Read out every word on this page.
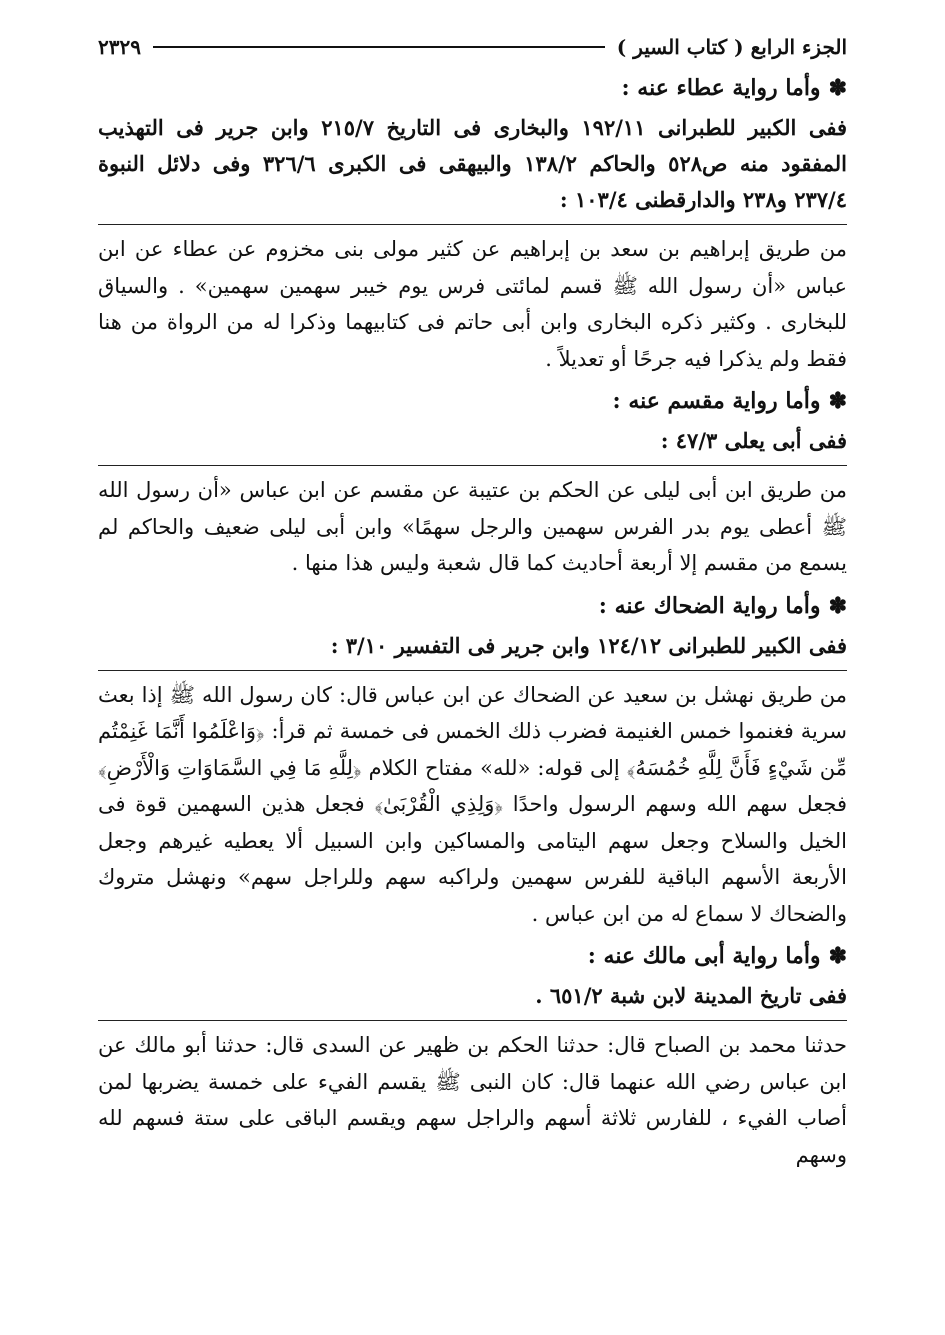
الجزء الرابع ( كتاب السير )
٢٣٢٩
✽وأما رواية عطاء عنه :

ففى الكبير للطبرانى ١٩٢/١١ والبخارى فى التاريخ ٢١٥/٧ وابن جرير فى التهذيب المفقود منه ص٥٢٨ والحاكم ١٣٨/٢ والبيهقى فى الكبرى ٣٢٦/٦ وفى دلائل النبوة ٢٣٧/٤ و٢٣٨ والدارقطنى ١٠٣/٤ :

من طريق إبراهيم بن سعد بن إبراهيم عن كثير مولى بنى مخزوم عن عطاء عن ابن عباس «أن رسول الله ﷺ قسم لمائتى فرس يوم خيبر سهمين سهمين» . والسياق للبخارى . وكثير ذكره البخارى وابن أبى حاتم فى كتابيهما وذكرا له من الرواة من هنا فقط ولم يذكرا فيه جرحًا أو تعديلاً .

✽وأما رواية مقسم عنه :

ففى أبى يعلى ٤٧/٣ :

من طريق ابن أبى ليلى عن الحكم بن عتيبة عن مقسم عن ابن عباس «أن رسول الله ﷺ أعطى يوم بدر الفرس سهمين والرجل سهمًا» وابن أبى ليلى ضعيف والحاكم لم يسمع من مقسم إلا أربعة أحاديث كما قال شعبة وليس هذا منها .

✽وأما رواية الضحاك عنه :

ففى الكبير للطبرانى ١٢٤/١٢ وابن جرير فى التفسير ٣/١٠ :

من طريق نهشل بن سعيد عن الضحاك عن ابن عباس قال: كان رسول الله ﷺ إذا بعث سرية فغنموا خمس الغنيمة فضرب ذلك الخمس فى خمسة ثم قرأ: ﴿وَاعْلَمُوا أَنَّمَا غَنِمْتُم مِّن شَيْءٍ فَأَنَّ لِلَّهِ خُمُسَهُ﴾ إلى قوله: «لله» مفتاح الكلام ﴿لِلَّهِ مَا فِي السَّمَاوَاتِ وَالْأَرْضِ﴾ فجعل سهم الله وسهم الرسول واحدًا ﴿وَلِذِي الْقُرْبَىٰ﴾ فجعل هذين السهمين قوة فى الخيل والسلاح وجعل سهم اليتامى والمساكين وابن السبيل ألا يعطيه غيرهم وجعل الأربعة الأسهم الباقية للفرس سهمين ولراكبه سهم وللراجل سهم» ونهشل متروك والضحاك لا سماع له من ابن عباس .

✽وأما رواية أبى مالك عنه :

ففى تاريخ المدينة لابن شبة ٦٥١/٢ .

حدثنا محمد بن الصباح قال: حدثنا الحكم بن ظهير عن السدى قال: حدثنا أبو مالك عن ابن عباس رضي الله عنهما قال: كان النبى ﷺ يقسم الفيء على خمسة يضربها لمن أصاب الفيء ، للفارس ثلاثة أسهم والراجل سهم ويقسم الباقى على ستة فسهم لله وسهم
